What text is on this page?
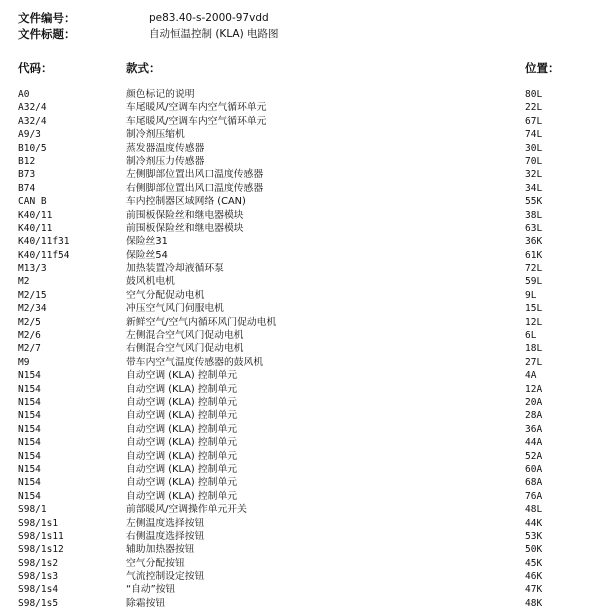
文件编号：	pe83.40-s-2000-97vdd
文件标题：	自动恒温控制 (KLA) 电路图
代码：	款式：	位置：
A0	颜色标记的说明	80L
A32/4	车尾暖风/空调车内空气循环单元	22L
A32/4	车尾暖风/空调车内空气循环单元	67L
A9/3	制冷剂压缩机	74L
B10/5	蒸发器温度传感器	30L
B12	制冷剂压力传感器	70L
B73	左侧脚部位置出风口温度传感器	32L
B74	右侧脚部位置出风口温度传感器	34L
CAN B	车内控制器区域网络 (CAN)	55K
K40/11	前围板保险丝和继电器模块	38L
K40/11	前围板保险丝和继电器模块	63L
K40/11f31	保险丝31	36K
K40/11f54	保险丝54	61K
M13/3	加热装置冷却液循环泵	72L
M2	鼓风机电机	59L
M2/15	空气分配促动电机	9L
M2/34	冲压空气风门伺服电机	15L
M2/5	新鲜空气/空气内循环风门促动电机	12L
M2/6	左侧混合空气风门促动电机	6L
M2/7	右侧混合空气风门促动电机	18L
M9	带车内空气温度传感器的鼓风机	27L
N154	自动空调 (KLA) 控制单元	4A
N154	自动空调 (KLA) 控制单元	12A
N154	自动空调 (KLA) 控制单元	20A
N154	自动空调 (KLA) 控制单元	28A
N154	自动空调 (KLA) 控制单元	36A
N154	自动空调 (KLA) 控制单元	44A
N154	自动空调 (KLA) 控制单元	52A
N154	自动空调 (KLA) 控制单元	60A
N154	自动空调 (KLA) 控制单元	68A
N154	自动空调 (KLA) 控制单元	76A
S98/1	前部暖风/空调操作单元开关	48L
S98/1s1	左侧温度选择按钮	44K
S98/1s11	右侧温度选择按钮	53K
S98/1s12	辅助加热器按钮	50K
S98/1s2	空气分配按钮	45K
S98/1s3	气流控制设定按钮	46K
S98/1s4	“自动”按钮	47K
S98/1s5	除霜按钮	48K
